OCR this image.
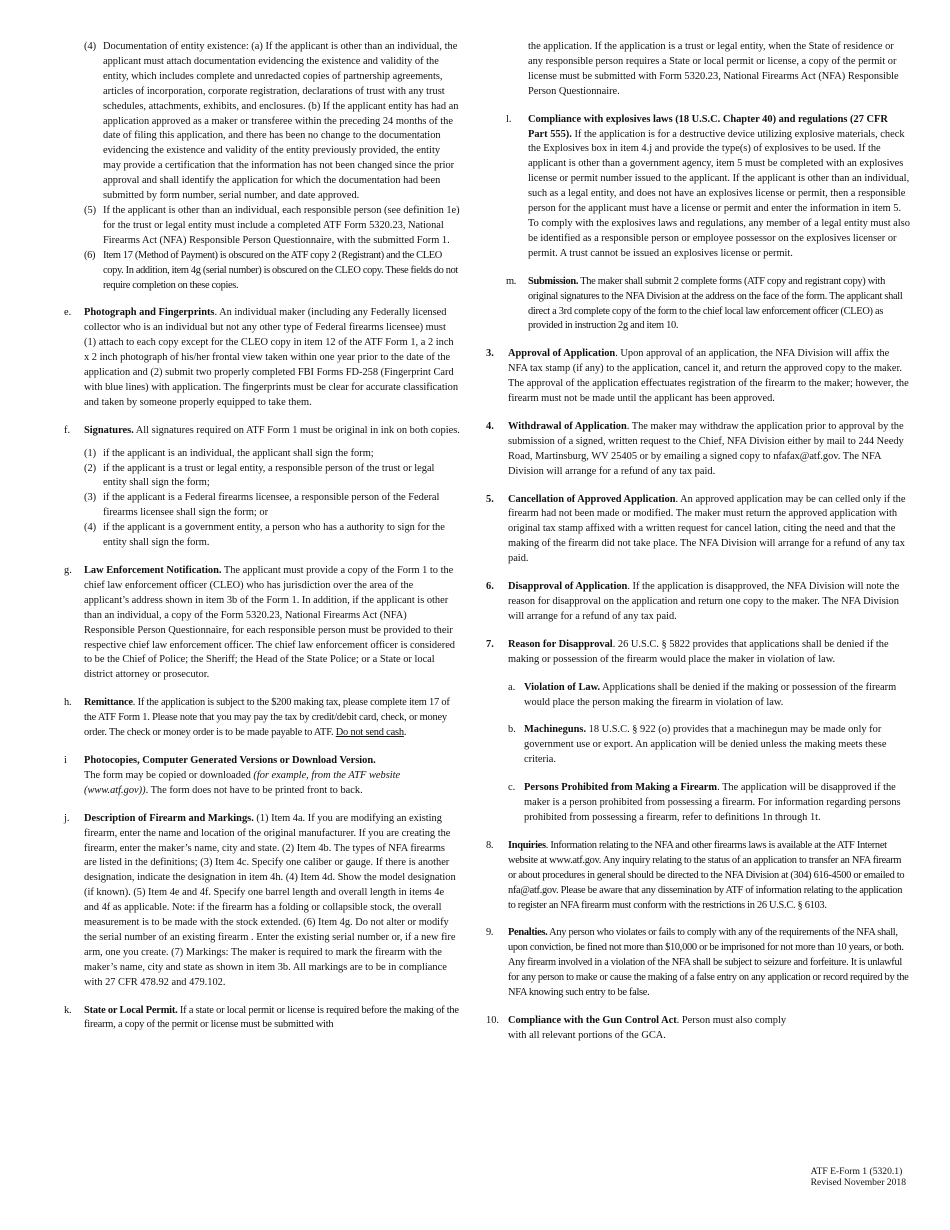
(4) Documentation of entity existence: (a) If the applicant is other than an individual, the applicant must attach documentation evidencing the existence and validity of the entity, which includes complete and unredacted copies of partnership agreements, articles of incorporation, corporate registration, declarations of trust with any trust schedules, attachments, exhibits, and enclosures. (b) If the applicant entity has had an application approved as a maker or transferee within the preceding 24 months of the date of filing this application, and there has been no change to the documentation evidencing the existence and validity of the entity previously provided, the entity may provide a certification that the information has not been changed since the prior approval and shall identify the application for which the documentation had been submitted by form number, serial number, and date approved.
(5) If the applicant is other than an individual, each responsible person (see definition 1e) for the trust or legal entity must include a completed ATF Form 5320.23, National Firearms Act (NFA) Responsible Person Questionnaire, with the submitted Form 1.
(6) Item 17 (Method of Payment) is obscured on the ATF copy 2 (Registrant) and the CLEO copy. In addition, item 4g (serial number) is obscured on the CLEO copy. These fields do not require completion on these copies.
e. Photograph and Fingerprints. An individual maker (including any Federally licensed collector who is an individual but not any other type of Federal firearms licensee) must (1) attach to each copy except for the CLEO copy in item 12 of the ATF Form 1, a 2 inch x 2 inch photograph of his/her frontal view taken within one year prior to the date of the application and (2) submit two properly completed FBI Forms FD-258 (Fingerprint Card with blue lines) with application. The fingerprints must be clear for accurate classification and taken by someone properly equipped to take them.
f. Signatures. All signatures required on ATF Form 1 must be original in ink on both copies.
(1) if the applicant is an individual, the applicant shall sign the form;
(2) if the applicant is a trust or legal entity, a responsible person of the trust or legal entity shall sign the form;
(3) if the applicant is a Federal firearms licensee, a responsible person of the Federal firearms licensee shall sign the form; or
(4) if the applicant is a government entity, a person who has a authority to sign for the entity shall sign the form.
g. Law Enforcement Notification. The applicant must provide a copy of the Form 1 to the chief law enforcement officer (CLEO) who has jurisdiction over the area of the applicant’s address shown in item 3b of the Form 1. In addition, if the applicant is other than an individual, a copy of the Form 5320.23, National Firearms Act (NFA) Responsible Person Questionnaire, for each responsible person must be provided to their respective chief law enforcement officer. The chief law enforcement officer is considered to be the Chief of Police; the Sheriff; the Head of the State Police; or a State or local district attorney or prosecutor.
h. Remittance. If the application is subject to the $200 making tax, please complete item 17 of the ATF Form 1. Please note that you may pay the tax by credit/debit card, check, or money order. The check or money order is to be made payable to ATF. Do not send cash.
i Photocopies, Computer Generated Versions or Download Version.
The form may be copied or downloaded (for example, from the ATF website (www.atf.gov)). The form does not have to be printed front to back.
j. Description of Firearm and Markings. (1) Item 4a. If you are modifying an existing firearm, enter the name and location of the original manufacturer. If you are creating the firearm, enter the maker’s name, city and state. (2) Item 4b. The types of NFA firearms are listed in the definitions; (3) Item 4c. Specify one caliber or gauge. If there is another designation, indicate the designation in item 4h. (4) Item 4d. Show the model designation (if known). (5) Item 4e and 4f. Specify one barrel length and overall length in items 4e and 4f as applicable. Note: if the firearm has a folding or collapsible stock, the overall measurement is to be made with the stock extended. (6) Item 4g. Do not alter or modify the serial number of an existing firearm . Enter the existing serial number or, if a new fire arm, one you create. (7) Markings: The maker is required to mark the firearm with the maker’s name, city and state as shown in item 3b. All markings are to be in compliance with 27 CFR 478.92 and 479.102.
k. State or Local Permit. If a state or local permit or license is required before the making of the firearm, a copy of the permit or license must be submitted with
the application. If the application is a trust or legal entity, when the State of residence or any responsible person requires a State or local permit or license, a copy of the permit or license must be submitted with Form 5320.23, National Firearms Act (NFA) Responsible Person Questionnaire.
l. Compliance with explosives laws (18 U.S.C. Chapter 40) and regulations (27 CFR Part 555). If the application is for a destructive device utilizing explosive materials, check the Explosives box in item 4.j and provide the type(s) of explosives to be used. If the applicant is other than a government agency, item 5 must be completed with an explosives license or permit number issued to the applicant. If the applicant is other than an individual, such as a legal entity, and does not have an explosives license or permit, then a responsible person for the applicant must have a license or permit and enter the information in item 5. To comply with the explosives laws and regulations, any member of a legal entity must also be identified as a responsible person or employee possessor on the explosives licenser or permit. A trust cannot be issued an explosives license or permit.
m. Submission. The maker shall submit 2 complete forms (ATF copy and registrant copy) with original signatures to the NFA Division at the address on the face of the form. The applicant shall direct a 3rd complete copy of the form to the chief local law enforcement officer (CLEO) as provided in instruction 2g and item 10.
3. Approval of Application. Upon approval of an application, the NFA Division will affix the NFA tax stamp (if any) to the application, cancel it, and return the approved copy to the maker. The approval of the application effectuates registration of the firearm to the maker; however, the firearm must not be made until the applicant has been approved.
4. Withdrawal of Application. The maker may withdraw the application prior to approval by the submission of a signed, written request to the Chief, NFA Division either by mail to 244 Needy Road, Martinsburg, WV 25405 or by emailing a signed copy to nfafax@atf.gov. The NFA Division will arrange for a refund of any tax paid.
5. Cancellation of Approved Application. An approved application may be can celled only if the firearm had not been made or modified. The maker must return the approved application with original tax stamp affixed with a written request for cancel lation, citing the need and that the making of the firearm did not take place. The NFA Division will arrange for a refund of any tax paid.
6. Disapproval of Application. If the application is disapproved, the NFA Division will note the reason for disapproval on the application and return one copy to the maker. The NFA Division will arrange for a refund of any tax paid.
7. Reason for Disapproval. 26 U.S.C. § 5822 provides that applications shall be denied if the making or possession of the firearm would place the maker in violation of law.
a. Violation of Law. Applications shall be denied if the making or possession of the firearm would place the person making the firearm in violation of law.
b. Machineguns. 18 U.S.C. § 922 (o) provides that a machinegun may be made only for government use or export. An application will be denied unless the making meets these criteria.
c. Persons Prohibited from Making a Firearm. The application will be disapproved if the maker is a person prohibited from possessing a firearm. For information regarding persons prohibited from possessing a firearm, refer to definitions 1n through 1t.
8. Inquiries. Information relating to the NFA and other firearms laws is available at the ATF Internet website at www.atf.gov. Any inquiry relating to the status of an application to transfer an NFA firearm or about procedures in general should be directed to the NFA Division at (304) 616-4500 or emailed to nfa@atf.gov. Please be aware that any dissemination by ATF of information relating to the application to register an NFA firearm must conform with the restrictions in 26 U.S.C. § 6103.
9. Penalties. Any person who violates or fails to comply with any of the requirements of the NFA shall, upon conviction, be fined not more than $10,000 or be imprisoned for not more than 10 years, or both. Any firearm involved in a violation of the NFA shall be subject to seizure and forfeiture. It is unlawful for any person to make or cause the making of a false entry on any application or record required by the NFA knowing such entry to be false.
10. Compliance with the Gun Control Act. Person must also comply with all relevant portions of the GCA.
ATF E-Form 1 (5320.1)
Revised November 2018
